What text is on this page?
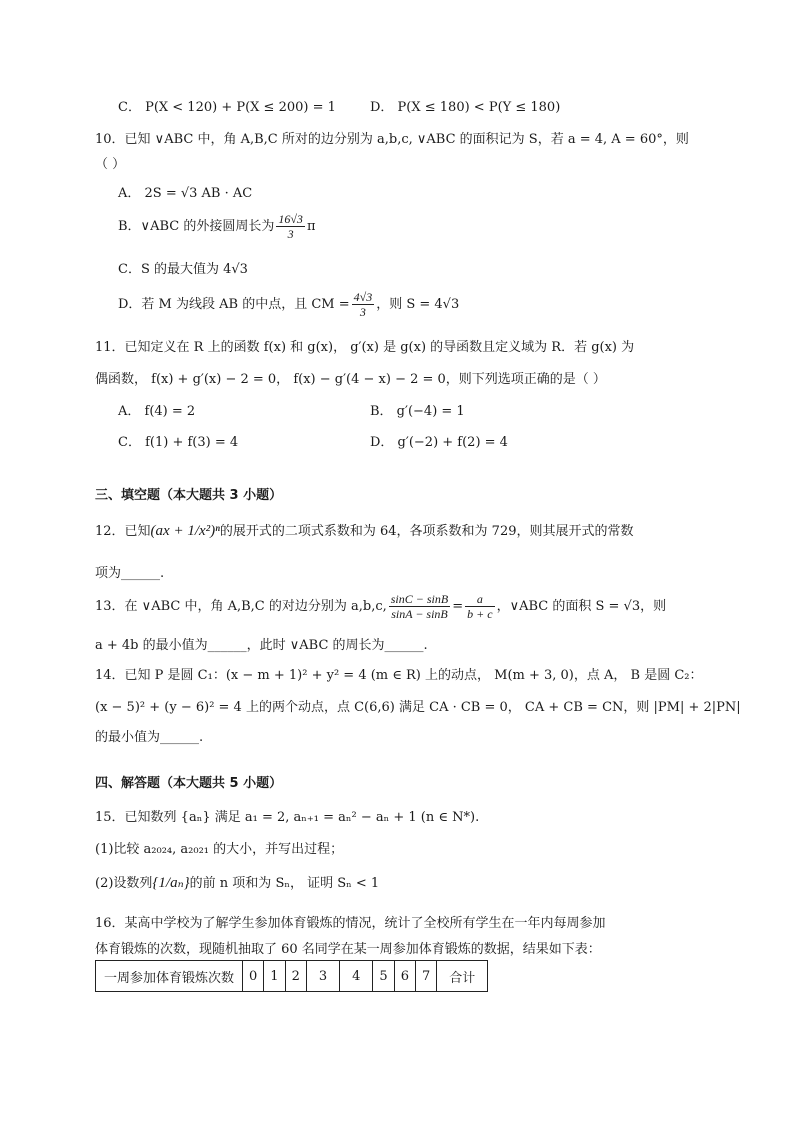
C． P(X < 120) + P(X ≤ 200) = 1	D． P(X ≤ 180) < P(Y ≤ 180)
10．已知 ∨ABC 中，角 A,B,C 所对的边分别为 a,b,c, ∨ABC 的面积记为 S，若 a = 4, A = 60°，则
（ ）
A． 2S = √3 AB · AC
B．∨ABC 的外接圆周长为 $\frac{16√3}{3}$ π
C．S 的最大值为 4√3
D．若 M 为线段 AB 的中点，且 CM = $\frac{4√3}{3}$ ，则 S = 4√3
11．已知定义在 R 上的函数 f(x) 和 g(x)， g′(x) 是 g(x) 的导函数且定义域为 R．若 g(x) 为
偶函数， f(x) + g′(x) − 2 = 0， f(x) − g′(4 − x) − 2 = 0，则下列选项正确的是（ ）
A． f(4) = 2	B． g′(−4) = 1
C． f(1) + f(3) = 4	D． g′(−2) + f(2) = 4
三、填空题（本大题共 3 小题）
12．已知(ax + 1/x²)ⁿ的展开式的二项式系数和为 64，各项系数和为 729，则其展开式的常数
项为______.
13．在 ∨ABC 中，角 A,B,C 的对边分别为 a,b,c, $\frac{\sin C - \sin B}{\sin A - \sin B} = \frac{a}{b + c}$ ，∨ABC 的面积 S = √3，则
a + 4b 的最小值为______，此时 ∨ABC 的周长为______.
14．已知 P 是圆 C₁：(x − m + 1)² + y² = 4 (m ∈ R) 上的动点， M(m + 3, 0)，点 A， B 是圆 C₂：
(x − 5)² + (y − 6)² = 4 上的两个动点，点 C(6,6) 满足 CA · CB = 0， CA + CB = CN，则 |PM| + 2|PN|
的最小值为______.
四、解答题（本大题共 5 小题）
15．已知数列 {aₙ} 满足 a₁ = 2, aₙ₊₁ = aₙ² − aₙ + 1 (n ∈ N*).
(1)比较 a₂₀₂₄, a₂₀₂₁ 的大小，并写出过程；
(2)设数列{1/aₙ}的前 n 项和为 Sₙ， 证明 Sₙ < 1
16．某高中学校为了解学生参加体育锻炼的情况，统计了全校所有学生在一年内每周参加
体育锻炼的次数，现随机抽取了 60 名同学在某一周参加体育锻炼的数据，结果如下表：
一周参加体育锻炼次数	0	1	2	3	4	5	6	7	合计
